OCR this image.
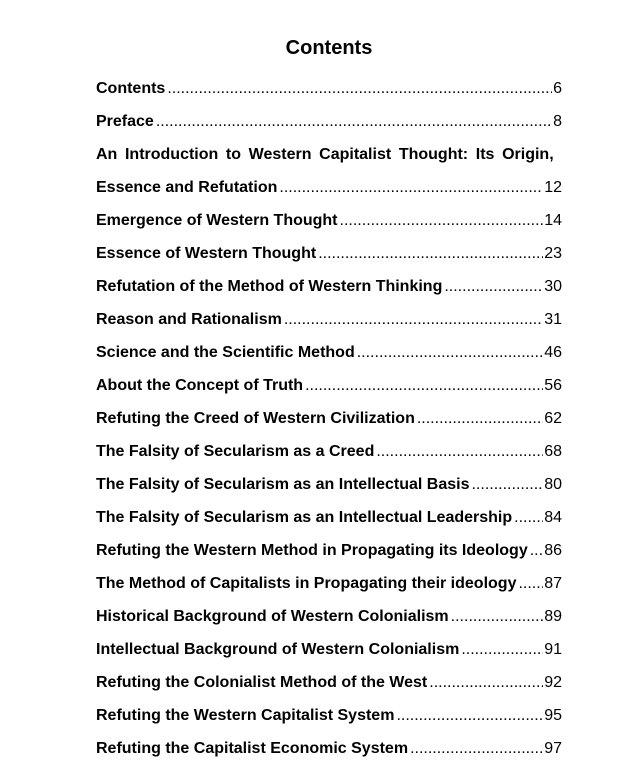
Contents
Contents .....	6
Preface .....	8
An Introduction to Western Capitalist Thought: Its Origin,
Essence and Refutation .....	12
Emergence of Western Thought .....	14
Essence of Western Thought .....	23
Refutation of the Method of Western Thinking .....	30
Reason and Rationalism .....	31
Science and the Scientific Method .....	46
About the Concept of Truth .....	56
Refuting the Creed of Western Civilization .....	62
The Falsity of Secularism as a Creed .....	68
The Falsity of Secularism as an Intellectual Basis .....	80
The Falsity of Secularism as an Intellectual Leadership ..... 84
Refuting the Western Method in Propagating its Ideology ..... 86
The Method of Capitalists in Propagating their ideology ..... 87
Historical Background of Western Colonialism .....	89
Intellectual Background of Western Colonialism .....	91
Refuting the Colonialist Method of the West .....	92
Refuting the Western Capitalist System .....	95
Refuting the Capitalist Economic System .....	97
